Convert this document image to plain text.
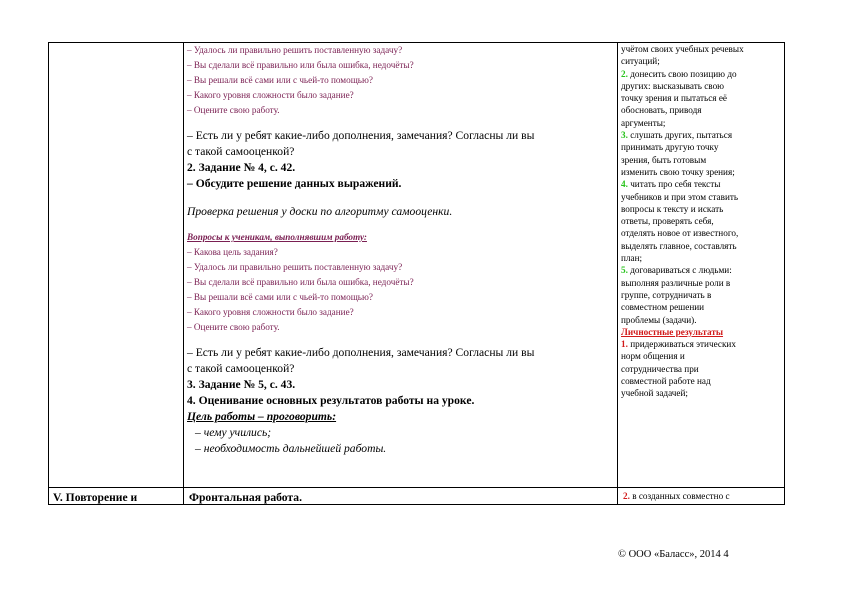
– Удалось ли правильно решить поставленную задачу?
– Вы сделали всё правильно или была ошибка, недочёты?
– Вы решали всё сами или с чьей-то помощью?
– Какого уровня сложности было задание?
– Оцените свою работу.
– Есть ли у ребят какие-либо дополнения, замечания? Согласны ли вы
с такой самооценкой?
2. Задание № 4, с. 42.
– Обсудите решение данных выражений.
Проверка решения у доски по алгоритму самооценки.
Вопросы к ученикам, выполнявшим работу:
– Какова цель задания?
– Удалось ли правильно решить поставленную задачу?
– Вы сделали всё правильно или была ошибка, недочёты?
– Вы решали всё сами или с чьей-то помощью?
– Какого уровня сложности было задание?
– Оцените свою работу.
– Есть ли у ребят какие-либо дополнения, замечания? Согласны ли вы
с такой самооценкой?
3. Задание № 5, с. 43.
4. Оценивание основных результатов работы на уроке.
Цель работы – проговорить:
– чему учились;
– необходимость дальнейшей работы.
учётом своих учебных речевых
ситуаций;
2. донесить свою позицию до
других: высказывать свою
точку зрения и пытаться её
обосновать, приводя
аргументы;
3. слушать других, пытаться
принимать другую точку
зрения, быть готовым
изменить свою точку зрения;
4. читать про себя тексты
учебников и при этом ставить
вопросы к тексту и искать
ответы, проверять себя,
отделять новое от известного,
выделять главное, составлять
план;
5. договариваться с людьми:
выполняя различные роли в
группе, сотрудничать в
совместном решении
проблемы (задачи).
Личностные результаты
1. придерживаться этических
норм общения и
сотрудничества при
совместной работе над
учебной задачей;
V. Повторение и	Фронтальная работа.	2. в созданных совместно с
© ООО «Баласс», 2014 4
